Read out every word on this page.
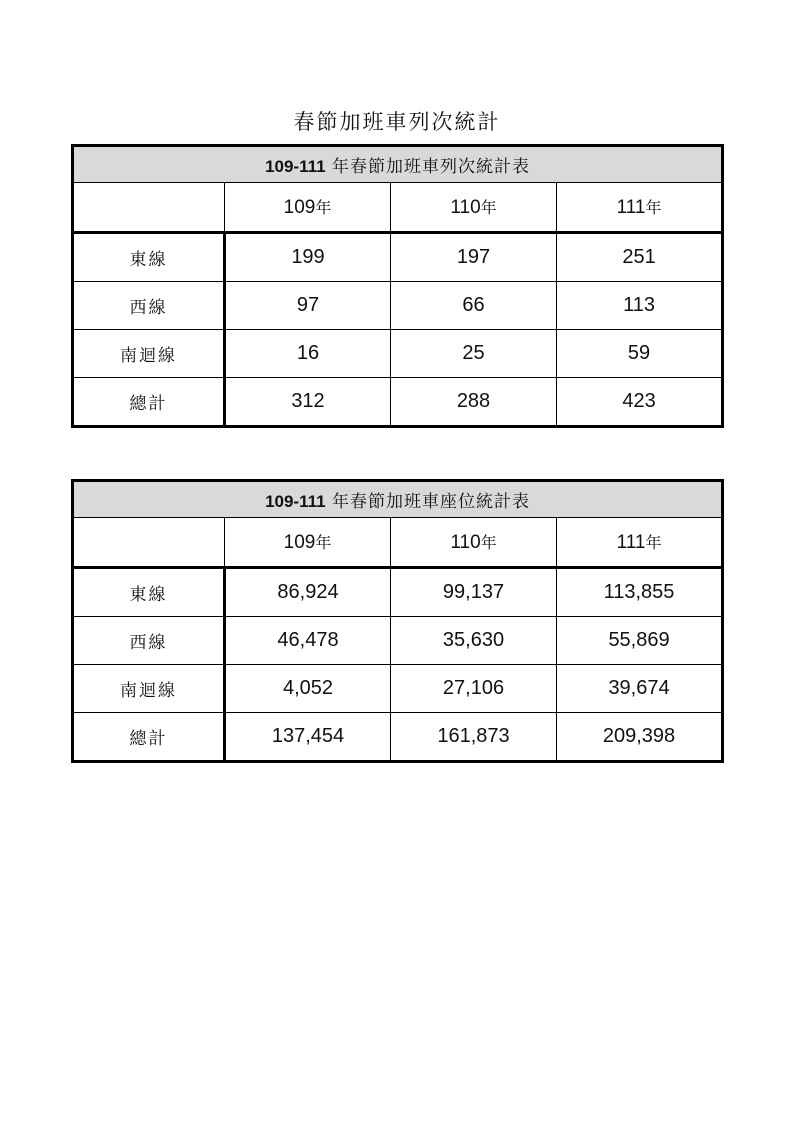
春節加班車列次統計
109-111 年春節加班車列次統計表			
	109年	110年	111年
東線	199	197	251
西線	97	66	113
南迴線	16	25	59
總計	312	288	423
109-111 年春節加班車座位統計表			
	109年	110年	111年
東線	86,924	99,137	113,855
西線	46,478	35,630	55,869
南迴線	4,052	27,106	39,674
總計	137,454	161,873	209,398
